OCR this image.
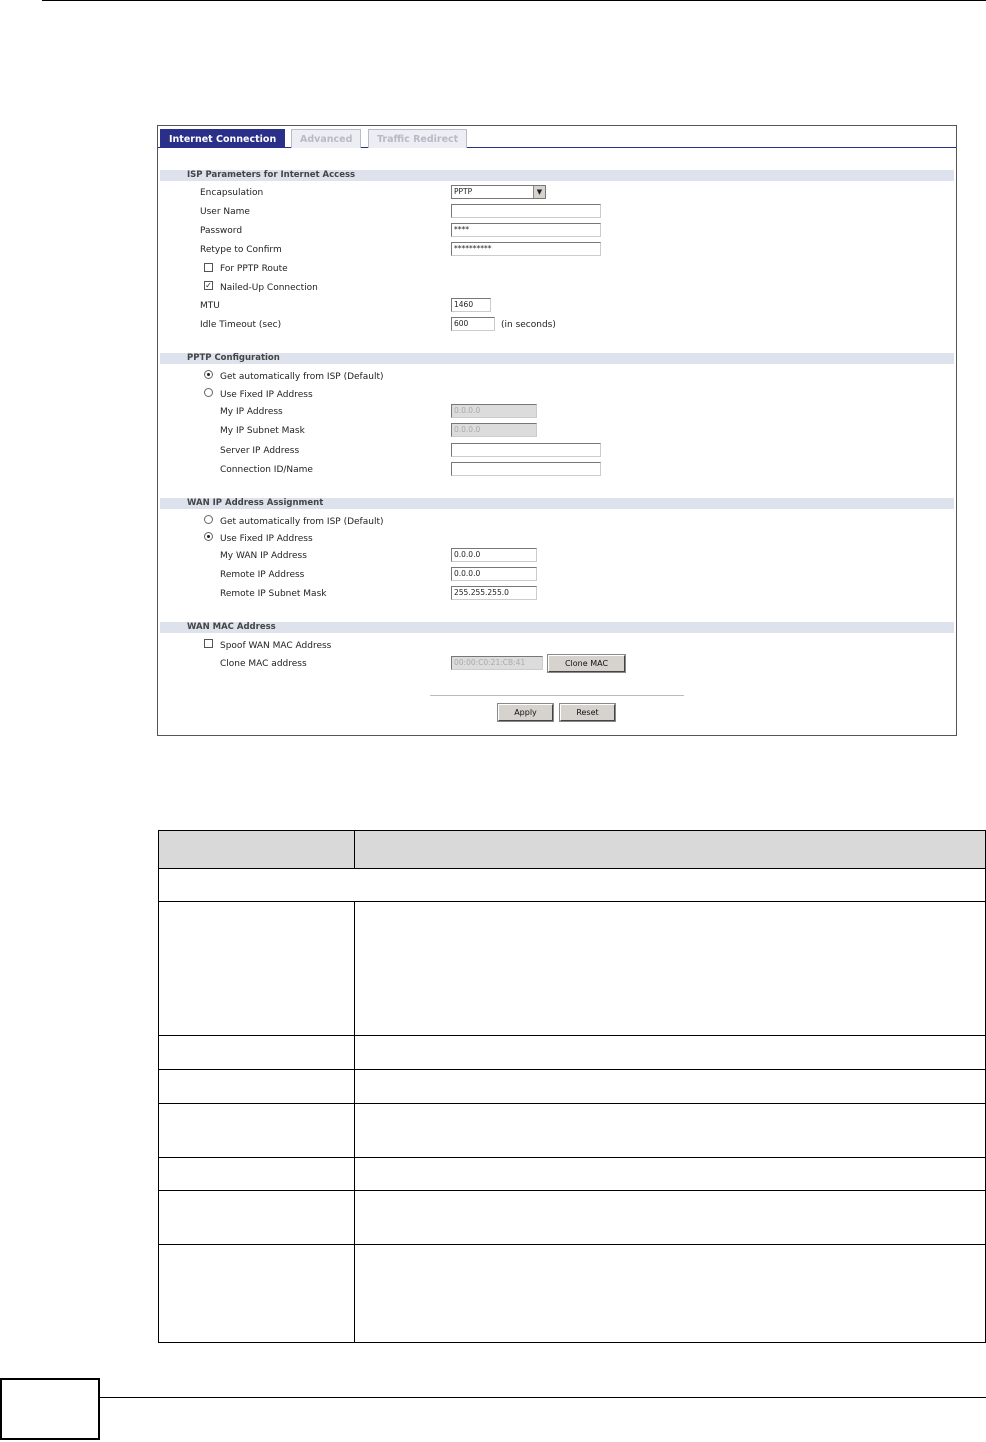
Internet Connection	Advanced	Traffic Redirect
ISP Parameters for Internet Access
Encapsulation	PPTP	▼
User Name
Password	****
Retype to Confirm	**********
For PPTP Route
✓ Nailed-Up Connection
MTU	1460
Idle Timeout (sec)	600	(in seconds)
PPTP Configuration
Get automatically from ISP (Default)
Use Fixed IP Address
My IP Address	0.0.0.0
My IP Subnet Mask	0.0.0.0
Server IP Address
Connection ID/Name
WAN IP Address Assignment
Get automatically from ISP (Default)
Use Fixed IP Address
My WAN IP Address	0.0.0.0
Remote IP Address	0.0.0.0
Remote IP Subnet Mask	255.255.255.0
WAN MAC Address
Spoof WAN MAC Address
Clone MAC address	00:00:C0:21:CB:41	Clone MAC
Apply	Reset
